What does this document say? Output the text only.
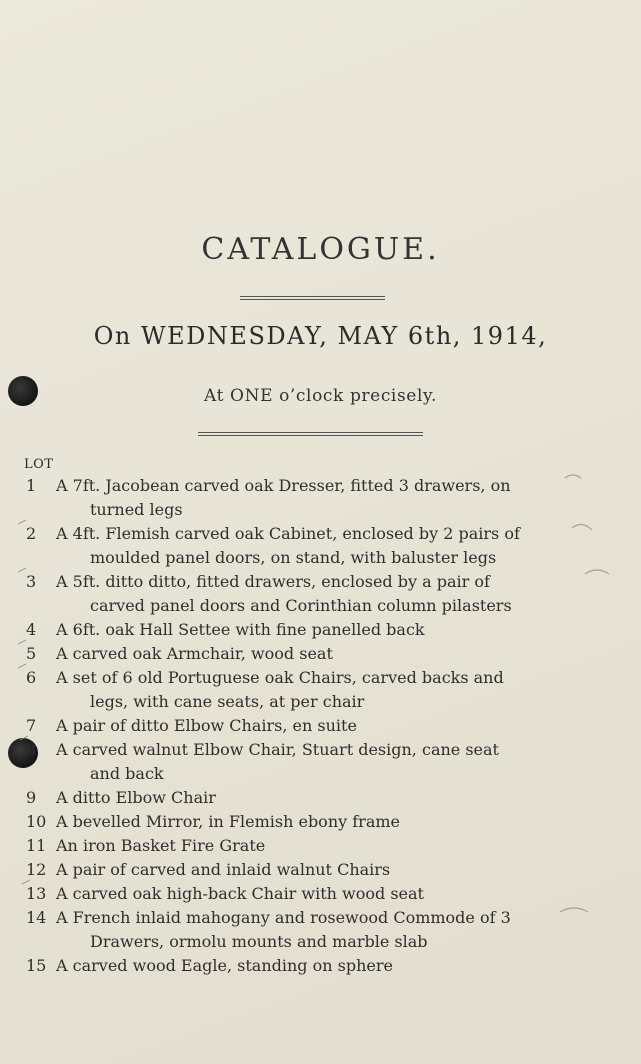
CATALOGUE.
On WEDNESDAY, MAY 6th, 1914,
At ONE o’clock precisely.
LOT
1	A 7ft. Jacobean carved oak Dresser, fitted 3 drawers, on
turned legs
2	A 4ft. Flemish carved oak Cabinet, enclosed by 2 pairs of
moulded panel doors, on stand, with baluster legs
3	A 5ft. ditto ditto, fitted drawers, enclosed by a pair of
carved panel doors and Corinthian column pilasters
4	A 6ft. oak Hall Settee with fine panelled back
5	A carved oak Armchair, wood seat
6	A set of 6 old Portuguese oak Chairs, carved backs and
legs, with cane seats, at per chair
7	A pair of ditto Elbow Chairs, en suite
8	A carved walnut Elbow Chair, Stuart design, cane seat
and back
9	A ditto Elbow Chair
10 A bevelled Mirror, in Flemish ebony frame
11 An iron Basket Fire Grate
12 A pair of carved and inlaid walnut Chairs
13 A carved oak high-back Chair with wood seat
14 A French inlaid mahogany and rosewood Commode of 3
Drawers, ormolu mounts and marble slab
15 A carved wood Eagle, standing on sphere
